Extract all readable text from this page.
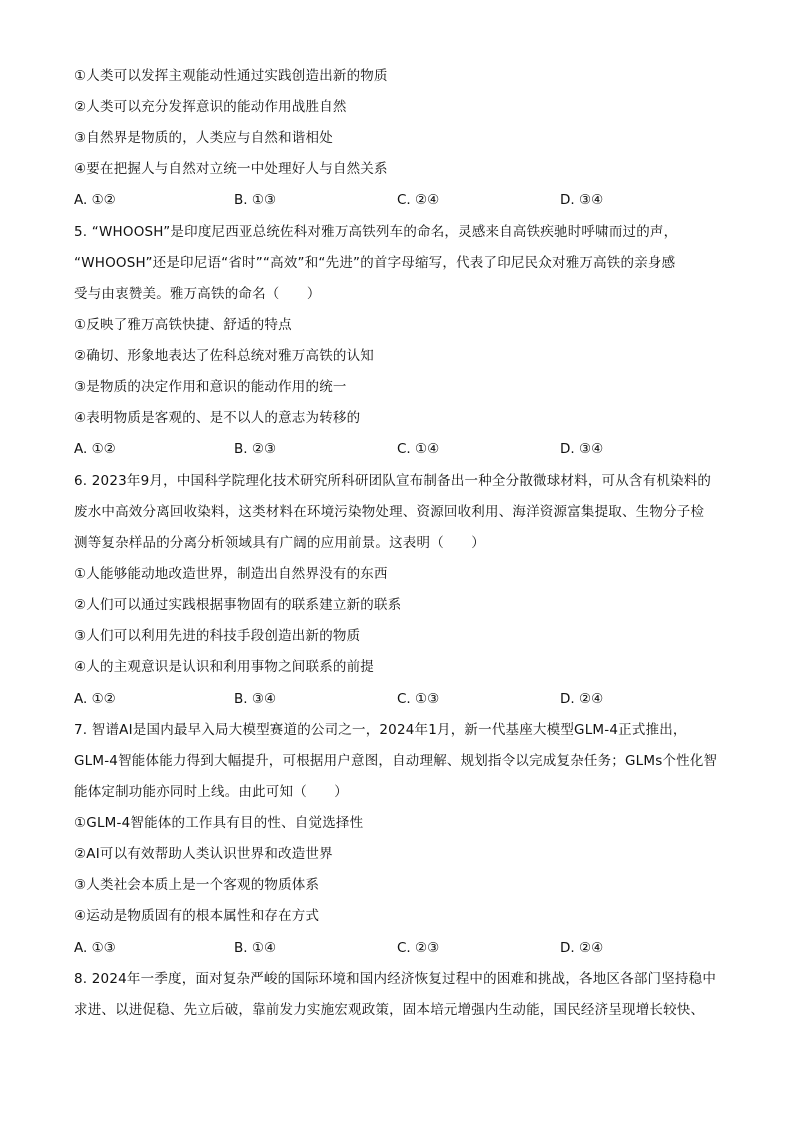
①人类可以发挥主观能动性通过实践创造出新的物质
②人类可以充分发挥意识的能动作用战胜自然
③自然界是物质的，人类应与自然和谐相处
④要在把握人与自然对立统一中处理好人与自然关系
A. ①②	B. ①③	C. ②④	D. ③④
5. “WHOOSH”是印度尼西亚总统佐科对雅万高铁列车的命名，灵感来自高铁疾驰时呼啸而过的声，
“WHOOSH”还是印尼语“省时”“高效”和“先进”的首字母缩写，代表了印尼民众对雅万高铁的亲身感
受与由衷赞美。雅万高铁的命名（　　）
①反映了雅万高铁快捷、舒适的特点
②确切、形象地表达了佐科总统对雅万高铁的认知
③是物质的决定作用和意识的能动作用的统一
④表明物质是客观的、是不以人的意志为转移的
A. ①②	B. ②③	C. ①④	D. ③④
6. 2023年9月，中国科学院理化技术研究所科研团队宣布制备出一种全分散微球材料，可从含有机染料的
废水中高效分离回收染料，这类材料在环境污染物处理、资源回收利用、海洋资源富集提取、生物分子检
测等复杂样品的分离分析领域具有广阔的应用前景。这表明（　　）
①人能够能动地改造世界，制造出自然界没有的东西
②人们可以通过实践根据事物固有的联系建立新的联系
③人们可以利用先进的科技手段创造出新的物质
④人的主观意识是认识和利用事物之间联系的前提
A. ①②	B. ③④	C. ①③	D. ②④
7. 智谱AI是国内最早入局大模型赛道的公司之一，2024年1月，新一代基座大模型GLM-4正式推出，
GLM-4智能体能力得到大幅提升，可根据用户意图，自动理解、规划指令以完成复杂任务；GLMs个性化智
能体定制功能亦同时上线。由此可知（　　）
①GLM-4智能体的工作具有目的性、自觉选择性
②AI可以有效帮助人类认识世界和改造世界
③人类社会本质上是一个客观的物质体系
④运动是物质固有的根本属性和存在方式
A. ①③	B. ①④	C. ②③	D. ②④
8. 2024年一季度，面对复杂严峻的国际环境和国内经济恢复过程中的困难和挑战，各地区各部门坚持稳中
求进、以进促稳、先立后破，靠前发力实施宏观政策，固本培元增强内生动能，国民经济呈现增长较快、
